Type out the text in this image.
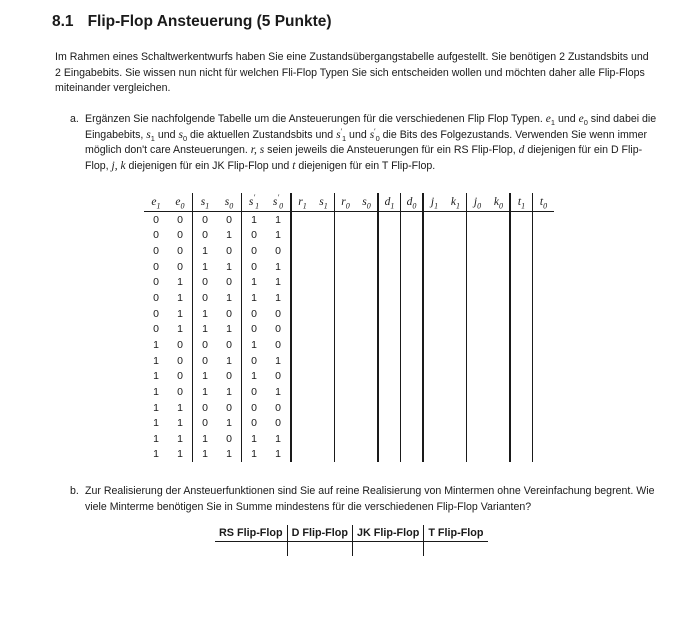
8.1 Flip-Flop Ansteuerung (5 Punkte)

Im Rahmen eines Schaltwerkentwurfs haben Sie eine Zustandsübergangstabelle aufgestellt. Sie benötigen 2 Zustandsbits und 2 Eingabebits. Sie wissen nun nicht für welchen Fli-Flop Typen Sie sich entscheiden wollen und möchten daher alle Flip-Flops miteinander vergleichen.

a. Ergänzen Sie nachfolgende Tabelle um die Ansteuerungen für die verschiedenen Flip Flop Typen. $e_1$ und $e_0$ sind dabei die Eingabebits, $s_1$ und $s_0$ die aktuellen Zustandsbits und $s'_1$ und $s'_0$ die Bits des Folgezustands. Verwenden Sie wenn immer möglich don't care Ansteuerungen. r, s seien jeweils die Ansteuerungen für ein RS Flip-Flop, d diejenigen für ein D Flip-Flop, j, k diejenigen für ein JK Flip-Flop und t diejenigen für ein T Flip-Flop.

$e_1$	$e_0$	$s_1$	$s_0$	$s'_1$	$s'_0$	$r_1$	$s_1$	$r_0$	$s_0$	$d_1$	$d_0$	$j_1$	$k_1$	$j_0$	$k_0$	$t_1$	$t_0$
0	0	0	0	1	1												
0	0	0	1	0	1												
0	0	1	0	0	0												
0	0	1	1	0	1												
0	1	0	0	1	1												
0	1	0	1	1	1												
0	1	1	0	0	0												
0	1	1	1	0	0												
1	0	0	0	1	0												
1	0	0	1	0	1												
1	0	1	0	1	0												
1	0	1	1	0	1												
1	1	0	0	0	0												
1	1	0	1	0	0												
1	1	1	0	1	1												
1	1	1	1	1	1												
b. Zur Realisierung der Ansteuerfunktionen sind Sie auf reine Realisierung von Mintermen ohne Vereinfachung begrent. Wie viele Minterme benötigen Sie in Summe mindestens für die verschiedenen Flip-Flop Varianten?

RS Flip-Flop	D Flip-Flop	JK Flip-Flop	T Flip-Flop
